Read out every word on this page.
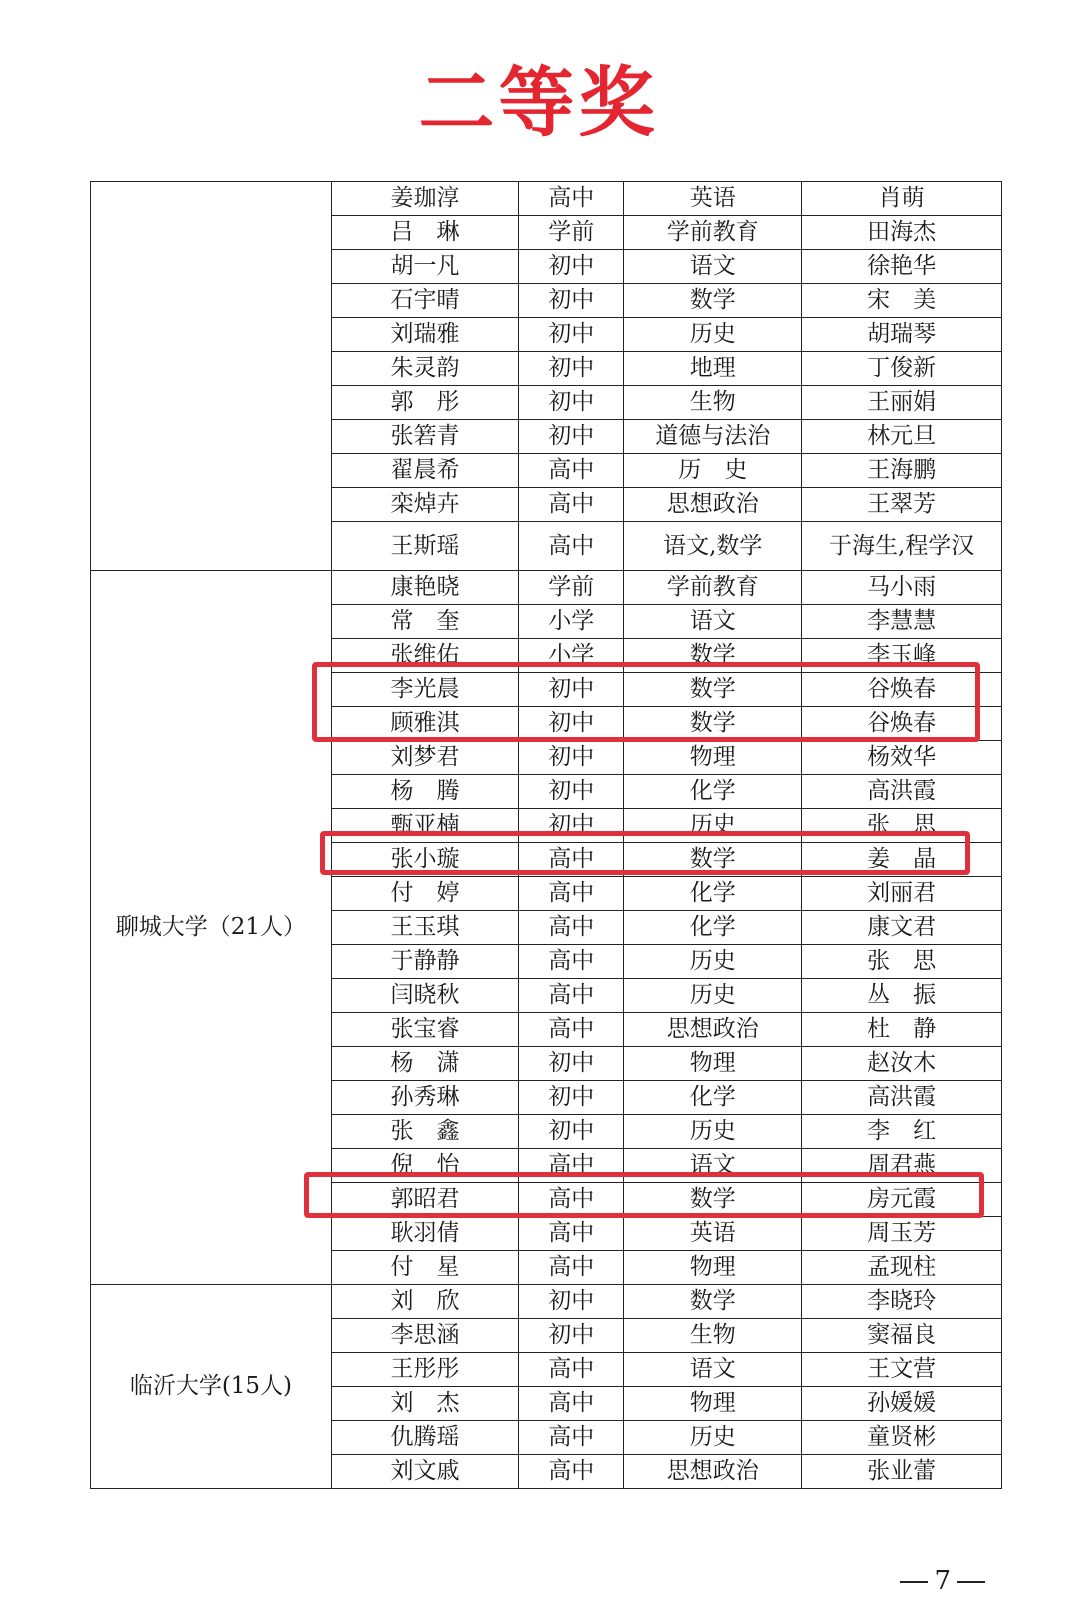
二等奖
	姜珈淳	高中	英语	肖萌
	吕　琳	学前	学前教育	田海杰
	胡一凡	初中	语文	徐艳华
	石宇晴	初中	数学	宋　美
	刘瑞雅	初中	历史	胡瑞琴
	朱灵韵	初中	地理	丁俊新
	郭　彤	初中	生物	王丽娟
	张箬青	初中	道德与法治	林元旦
	翟晨希	高中	历　史	王海鹏
	栾焯卉	高中	思想政治	王翠芳
	王斯瑶	高中	语文,数学	于海生,程学汉
聊城大学（21人）	康艳晓	学前	学前教育	马小雨
	常　奎	小学	语文	李慧慧
	张维佑	小学	数学	李玉峰
	李光晨	初中	数学	谷焕春
	顾雅淇	初中	数学	谷焕春
	刘梦君	初中	物理	杨效华
	杨　腾	初中	化学	高洪霞
	甄亚楠	初中	历史	张　思
	张小璇	高中	数学	姜　晶
	付　婷	高中	化学	刘丽君
	王玉琪	高中	化学	康文君
	于静静	高中	历史	张　思
	闫晓秋	高中	历史	丛　振
	张宝睿	高中	思想政治	杜　静
	杨　潇	初中	物理	赵汝木
	孙秀琳	初中	化学	高洪霞
	张　鑫	初中	历史	李　红
	倪　怡	高中	语文	周君燕
	郭昭君	高中	数学	房元霞
	耿羽倩	高中	英语	周玉芳
	付　星	高中	物理	孟现柱
临沂大学(15人)	刘　欣	初中	数学	李晓玲
	李思涵	初中	生物	窦福良
	王彤彤	高中	语文	王文营
	刘　杰	高中	物理	孙媛媛
	仇腾瑶	高中	历史	童贤彬
	刘文戚	高中	思想政治	张业蕾
7
